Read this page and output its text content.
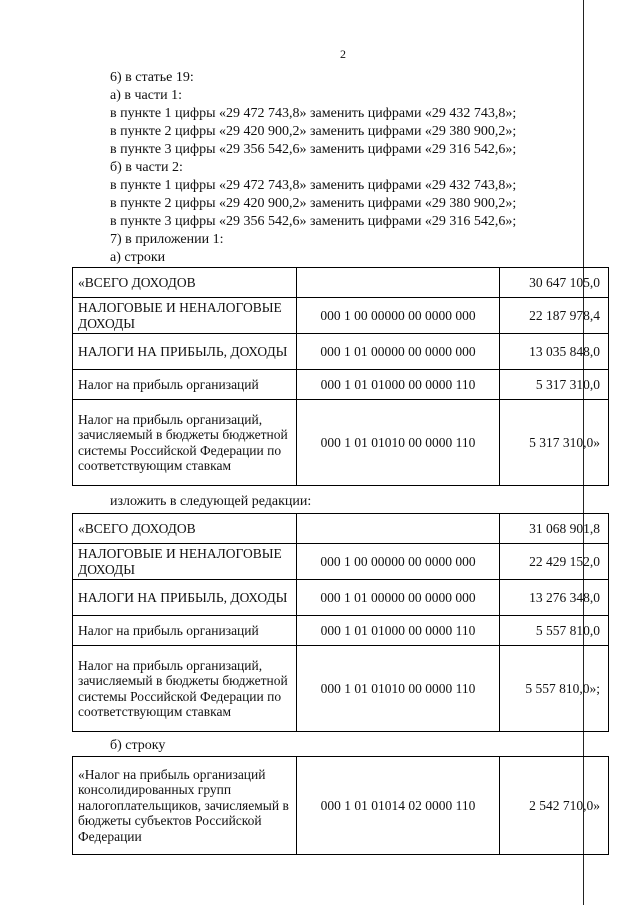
2
6) в статье 19:
а) в части 1:
в пункте 1 цифры «29 472 743,8» заменить цифрами «29 432 743,8»;
в пункте 2 цифры «29 420 900,2» заменить цифрами «29 380 900,2»;
в пункте 3 цифры «29 356 542,6» заменить цифрами «29 316 542,6»;
б) в части 2:
в пункте 1 цифры «29 472 743,8» заменить цифрами «29 432 743,8»;
в пункте 2 цифры «29 420 900,2» заменить цифрами «29 380 900,2»;
в пункте 3 цифры «29 356 542,6» заменить цифрами «29 316 542,6»;
7) в приложении 1:
а) строки
«ВСЕГО ДОХОДОВ		30 647 105,0
НАЛОГОВЫЕ И НЕНАЛОГОВЫЕ ДОХОДЫ	000 1 00 00000 00 0000 000	22 187 978,4
НАЛОГИ НА ПРИБЫЛЬ, ДОХОДЫ	000 1 01 00000 00 0000 000	13 035 848,0
Налог на прибыль организаций	000 1 01 01000 00 0000 110	5 317 310,0
Налог на прибыль организаций, зачисляемый в бюджеты бюджетной системы Российской Федерации по соответствующим ставкам	000 1 01 01010 00 0000 110	5 317 310,0»
изложить в следующей редакции:
«ВСЕГО ДОХОДОВ		31 068 901,8
НАЛОГОВЫЕ И НЕНАЛОГОВЫЕ ДОХОДЫ	000 1 00 00000 00 0000 000	22 429 152,0
НАЛОГИ НА ПРИБЫЛЬ, ДОХОДЫ	000 1 01 00000 00 0000 000	13 276 348,0
Налог на прибыль организаций	000 1 01 01000 00 0000 110	5 557 810,0
Налог на прибыль организаций, зачисляемый в бюджеты бюджетной системы Российской Федерации по соответствующим ставкам	000 1 01 01010 00 0000 110	5 557 810,0»;
б) строку
«Налог на прибыль организаций консолидированных групп налогоплательщиков, зачисляемый в бюджеты субъектов Российской Федерации	000 1 01 01014 02 0000 110	2 542 710,0»
